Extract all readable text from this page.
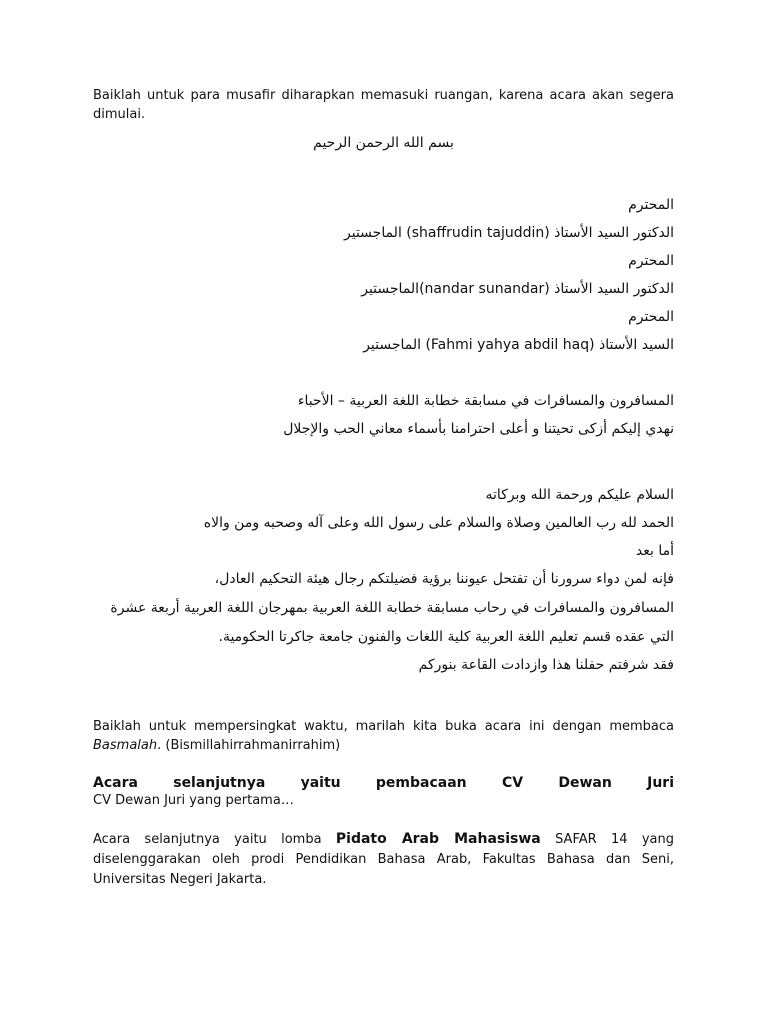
Baiklah untuk para musafir diharapkan memasuki ruangan, karena acara akan segera dimulai.

بسم الله الرحمن الرحيم

المحترم

الدكتور السيد الأستاذ (shaffrudin tajuddin) الماجستير

المحترم

الدكتور السيد الأستاذ (nandar sunandar)الماجستير

المحترم

السيد الأستاذ (Fahmi yahya abdil haq) الماجستير

المسافرون والمسافرات في مسابقة خطابة اللغة العربية – الأحباء

نهدي إليكم أزكى تحيتنا و أعلى احترامنا بأسماء معاني الحب والإجلال

السلام عليكم ورحمة الله وبركاته

الحمد لله رب العالمين وصلاة والسلام على رسول الله وعلى آله وصحبه ومن والاه

أما بعد

فإنه لمن دواء سرورنا أن تفتحل عيوننا برؤية فضيلتكم رجال هيئة التحكيم العادل،

المسافرون والمسافرات في رحاب مسابقة خطابة اللغة العربية بمهرجان اللغة العربية أربعة عشرة

التي عقده قسم تعليم اللغة العربية كلية اللغات والفنون جامعة جاكرتا الحكومية.

فقد شرفتم حفلنا هذا وازدادت القاعة بنوركم

Baiklah untuk mempersingkat waktu, marilah kita buka acara ini dengan membaca Basmalah. (Bismillahirrahmanirrahim)

Acara selanjutnya yaitu pembacaan CV Dewan Juri

CV Dewan Juri yang pertama…

Acara selanjutnya yaitu lomba Pidato Arab Mahasiswa SAFAR 14 yang diselenggarakan oleh prodi Pendidikan Bahasa Arab, Fakultas Bahasa dan Seni, Universitas Negeri Jakarta.
